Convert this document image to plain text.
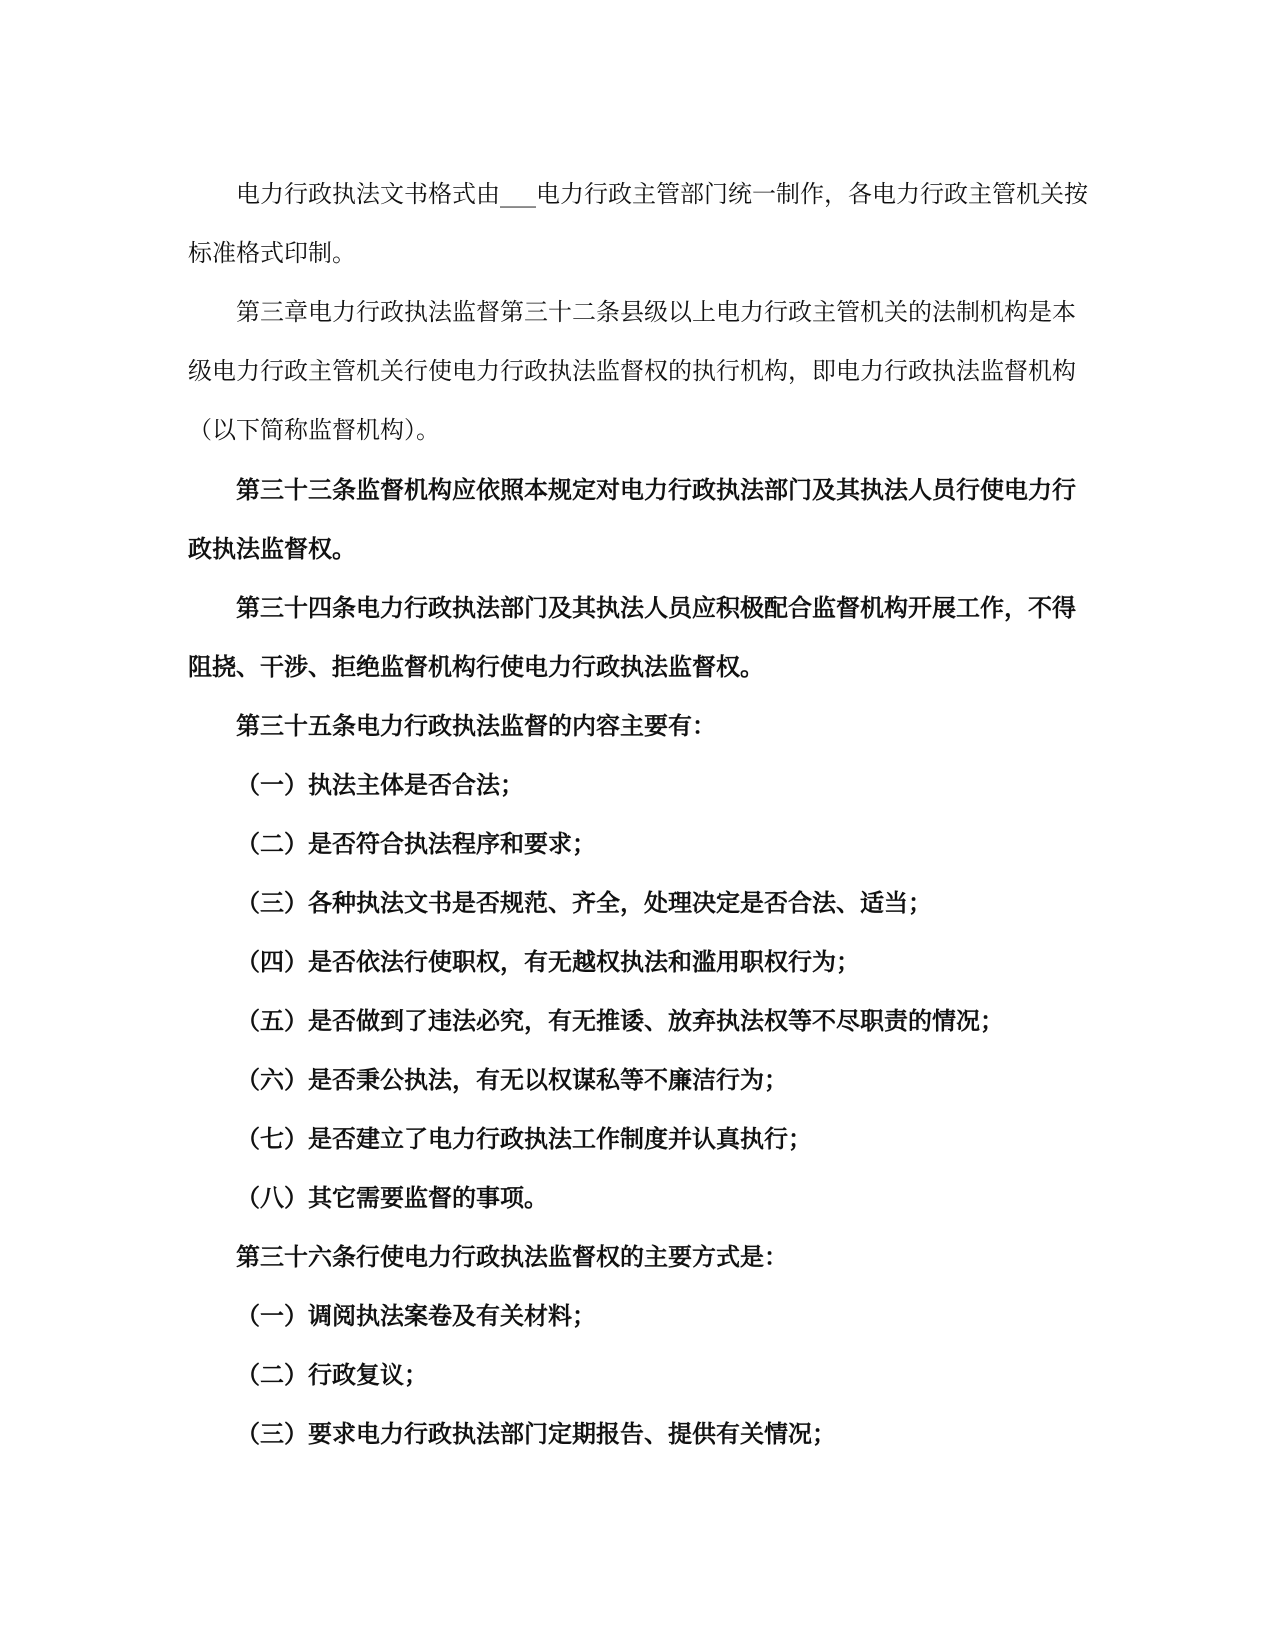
电力行政执法文书格式由___电力行政主管部门统一制作，各电力行政主管机关按标准格式印制。

第三章电力行政执法监督第三十二条县级以上电力行政主管机关的法制机构是本级电力行政主管机关行使电力行政执法监督权的执行机构，即电力行政执法监督机构（以下简称监督机构）。

第三十三条监督机构应依照本规定对电力行政执法部门及其执法人员行使电力行政执法监督权。

第三十四条电力行政执法部门及其执法人员应积极配合监督机构开展工作，不得阻挠、干涉、拒绝监督机构行使电力行政执法监督权。

第三十五条电力行政执法监督的内容主要有：

（一）执法主体是否合法；

（二）是否符合执法程序和要求；

（三）各种执法文书是否规范、齐全，处理决定是否合法、适当；

（四）是否依法行使职权，有无越权执法和滥用职权行为；

（五）是否做到了违法必究，有无推诿、放弃执法权等不尽职责的情况；

（六）是否秉公执法，有无以权谋私等不廉洁行为；

（七）是否建立了电力行政执法工作制度并认真执行；

（八）其它需要监督的事项。

第三十六条行使电力行政执法监督权的主要方式是：

（一）调阅执法案卷及有关材料；

（二）行政复议；

（三）要求电力行政执法部门定期报告、提供有关情况；
